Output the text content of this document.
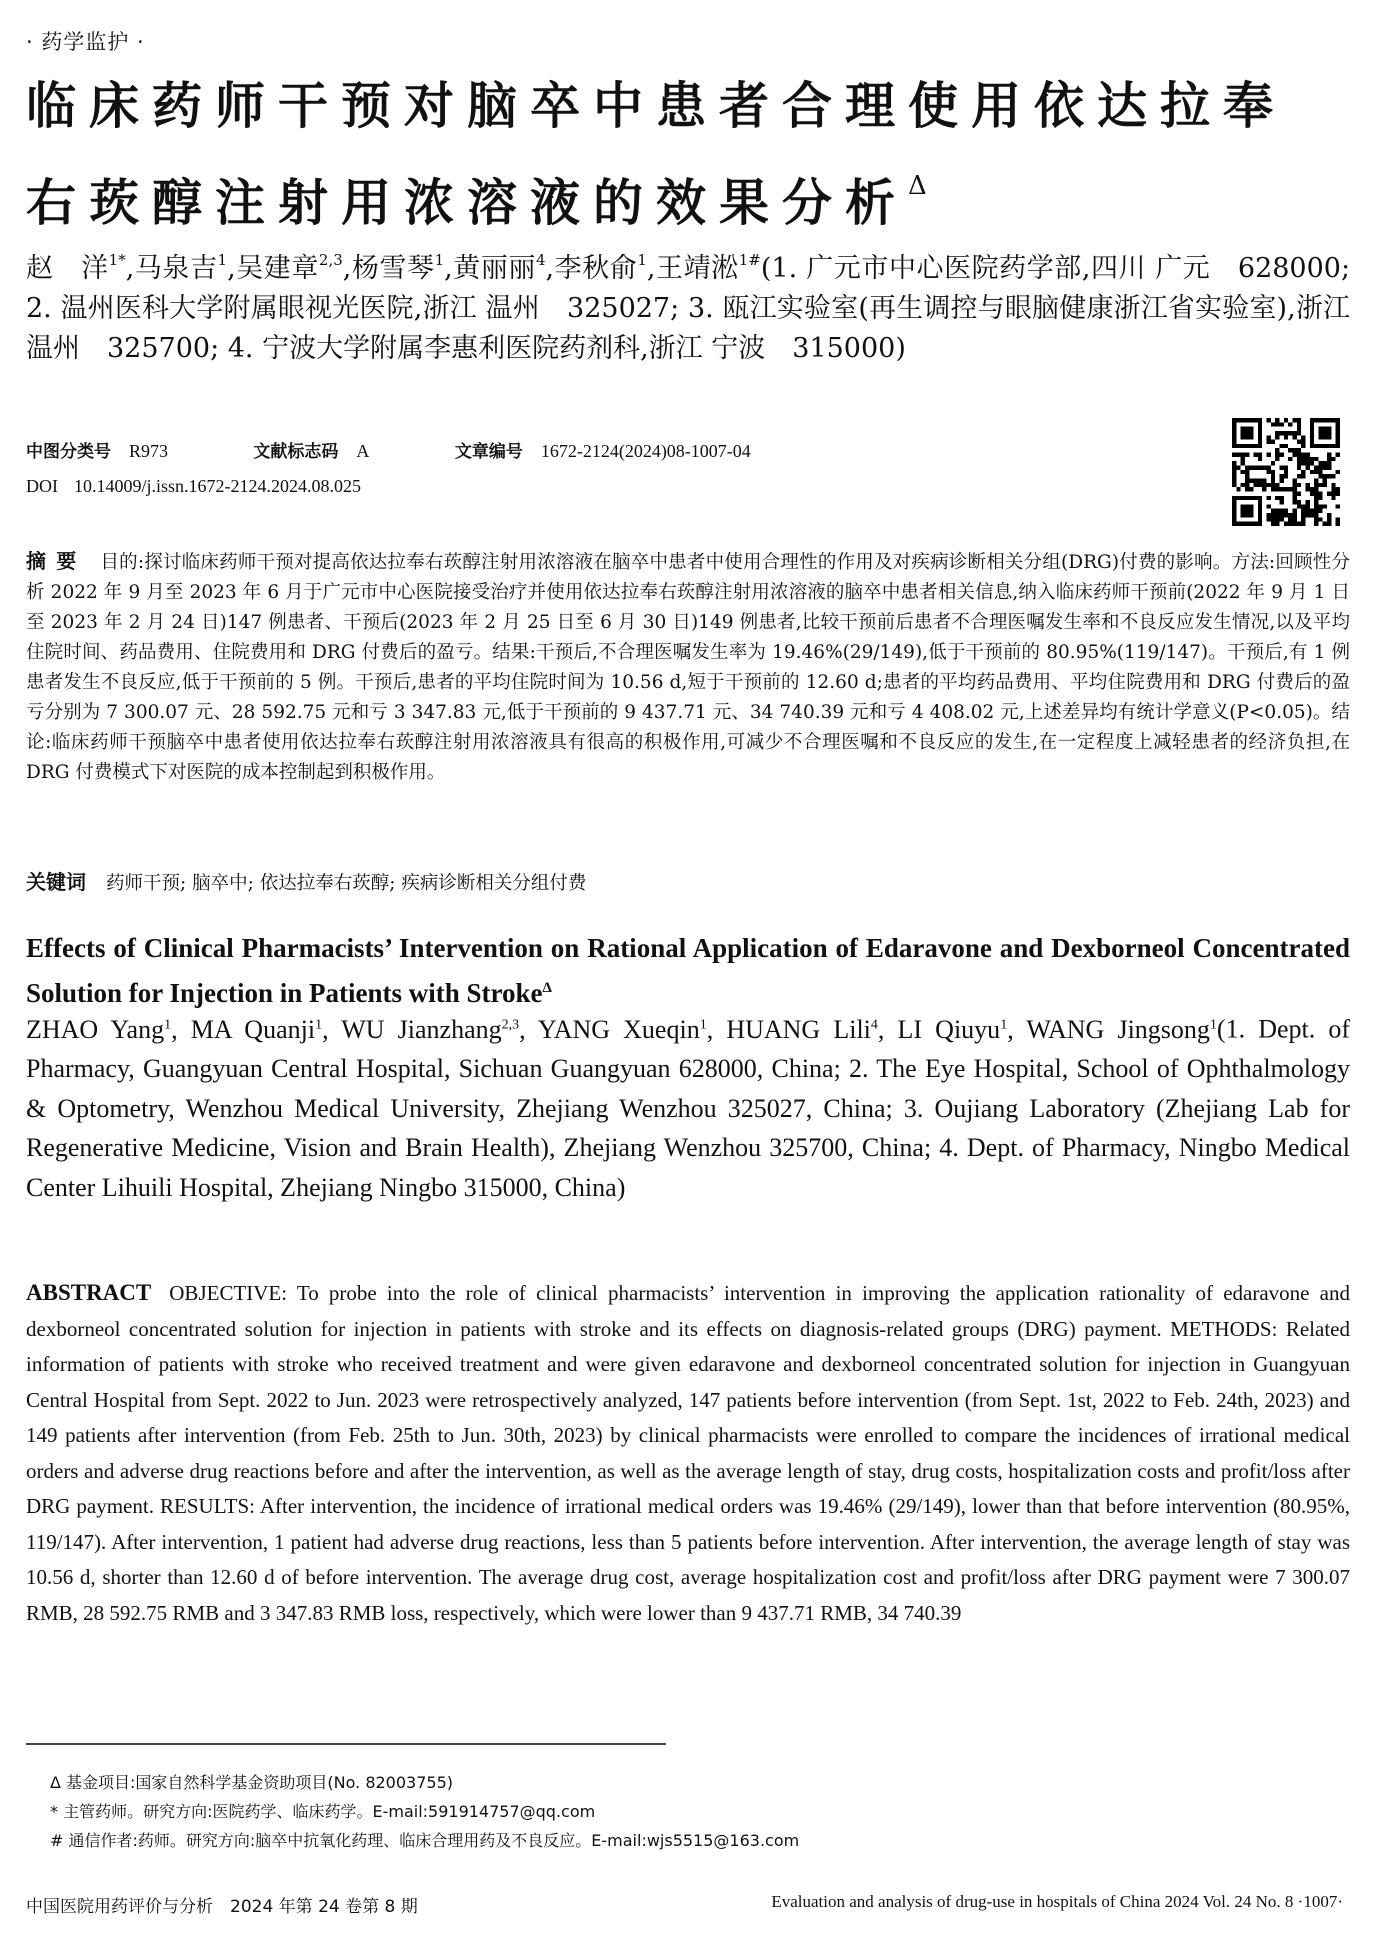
· 药学监护 ·
临床药师干预对脑卒中患者合理使用依达拉奉
右莰醇注射用浓溶液的效果分析$^\Delta$
赵　洋$^{1*}$,马泉吉$^1$,吴建章$^{2,3}$,杨雪琴$^1$,黄丽丽$^4$,李秋俞$^1$,王靖淞$^{1\#}$(1. 广元市中心医院药学部,四川 广元　628000; 2. 温州医科大学附属眼视光医院,浙江 温州　325027; 3. 瓯江实验室(再生调控与眼脑健康浙江省实验室),浙江 温州　325700; 4. 宁波大学附属李惠利医院药剂科,浙江 宁波　315000)
中图分类号 R973	文献标志码 A	文章编号 1672-2124(2024)08-1007-04
DOI 10.14009/j.issn.1672-2124.2024.08.025
摘要 目的:探讨临床药师干预对提高依达拉奉右莰醇注射用浓溶液在脑卒中患者中使用合理性的作用及对疾病诊断相关分组(DRG)付费的影响。方法:回顾性分析 2022 年 9 月至 2023 年 6 月于广元市中心医院接受治疗并使用依达拉奉右莰醇注射用浓溶液的脑卒中患者相关信息,纳入临床药师干预前(2022 年 9 月 1 日至 2023 年 2 月 24 日)147 例患者、干预后(2023 年 2 月 25 日至 6 月 30 日)149 例患者,比较干预前后患者不合理医嘱发生率和不良反应发生情况,以及平均住院时间、药品费用、住院费用和 DRG 付费后的盈亏。结果:干预后,不合理医嘱发生率为 19.46%(29/149),低于干预前的 80.95%(119/147)。干预后,有 1 例患者发生不良反应,低于干预前的 5 例。干预后,患者的平均住院时间为 10.56 d,短于干预前的 12.60 d;患者的平均药品费用、平均住院费用和 DRG 付费后的盈亏分别为 7 300.07 元、28 592.75 元和亏 3 347.83 元,低于干预前的 9 437.71 元、34 740.39 元和亏 4 408.02 元,上述差异均有统计学意义(P<0.05)。结论:临床药师干预脑卒中患者使用依达拉奉右莰醇注射用浓溶液具有很高的积极作用,可减少不合理医嘱和不良反应的发生,在一定程度上减轻患者的经济负担,在 DRG 付费模式下对医院的成本控制起到积极作用。
关键词 药师干预; 脑卒中; 依达拉奉右莰醇; 疾病诊断相关分组付费
Effects of Clinical Pharmacists’ Intervention on Rational Application of Edaravone and Dexborneol Concentrated Solution for Injection in Patients with Stroke$^\Delta$
ZHAO Yang$^1$, MA Quanji$^1$, WU Jianzhang$^{2,3}$, YANG Xueqin$^1$, HUANG Lili$^4$, LI Qiuyu$^1$, WANG Jingsong$^1$(1. Dept. of Pharmacy, Guangyuan Central Hospital, Sichuan Guangyuan 628000, China; 2. The Eye Hospital, School of Ophthalmology & Optometry, Wenzhou Medical University, Zhejiang Wenzhou 325027, China; 3. Oujiang Laboratory (Zhejiang Lab for Regenerative Medicine, Vision and Brain Health), Zhejiang Wenzhou 325700, China; 4. Dept. of Pharmacy, Ningbo Medical Center Lihuili Hospital, Zhejiang Ningbo 315000, China)
ABSTRACT OBJECTIVE: To probe into the role of clinical pharmacists’ intervention in improving the application rationality of edaravone and dexborneol concentrated solution for injection in patients with stroke and its effects on diagnosis-related groups (DRG) payment. METHODS: Related information of patients with stroke who received treatment and were given edaravone and dexborneol concentrated solution for injection in Guangyuan Central Hospital from Sept. 2022 to Jun. 2023 were retrospectively analyzed, 147 patients before intervention (from Sept. 1st, 2022 to Feb. 24th, 2023) and 149 patients after intervention (from Feb. 25th to Jun. 30th, 2023) by clinical pharmacists were enrolled to compare the incidences of irrational medical orders and adverse drug reactions before and after the intervention, as well as the average length of stay, drug costs, hospitalization costs and profit/loss after DRG payment. RESULTS: After intervention, the incidence of irrational medical orders was 19.46% (29/149), lower than that before intervention (80.95%, 119/147). After intervention, 1 patient had adverse drug reactions, less than 5 patients before intervention. After intervention, the average length of stay was 10.56 d, shorter than 12.60 d of before intervention. The average drug cost, average hospitalization cost and profit/loss after DRG payment were 7 300.07 RMB, 28 592.75 RMB and 3 347.83 RMB loss, respectively, which were lower than 9 437.71 RMB, 34 740.39
Δ 基金项目:国家自然科学基金资助项目(No. 82003755)
* 主管药师。研究方向:医院药学、临床药学。E-mail:591914757@qq.com
# 通信作者:药师。研究方向:脑卒中抗氧化药理、临床合理用药及不良反应。E-mail:wjs5515@163.com
中国医院用药评价与分析　2024 年第 24 卷第 8 期	Evaluation and analysis of drug-use in hospitals of China 2024 Vol. 24 No. 8 ·1007·
